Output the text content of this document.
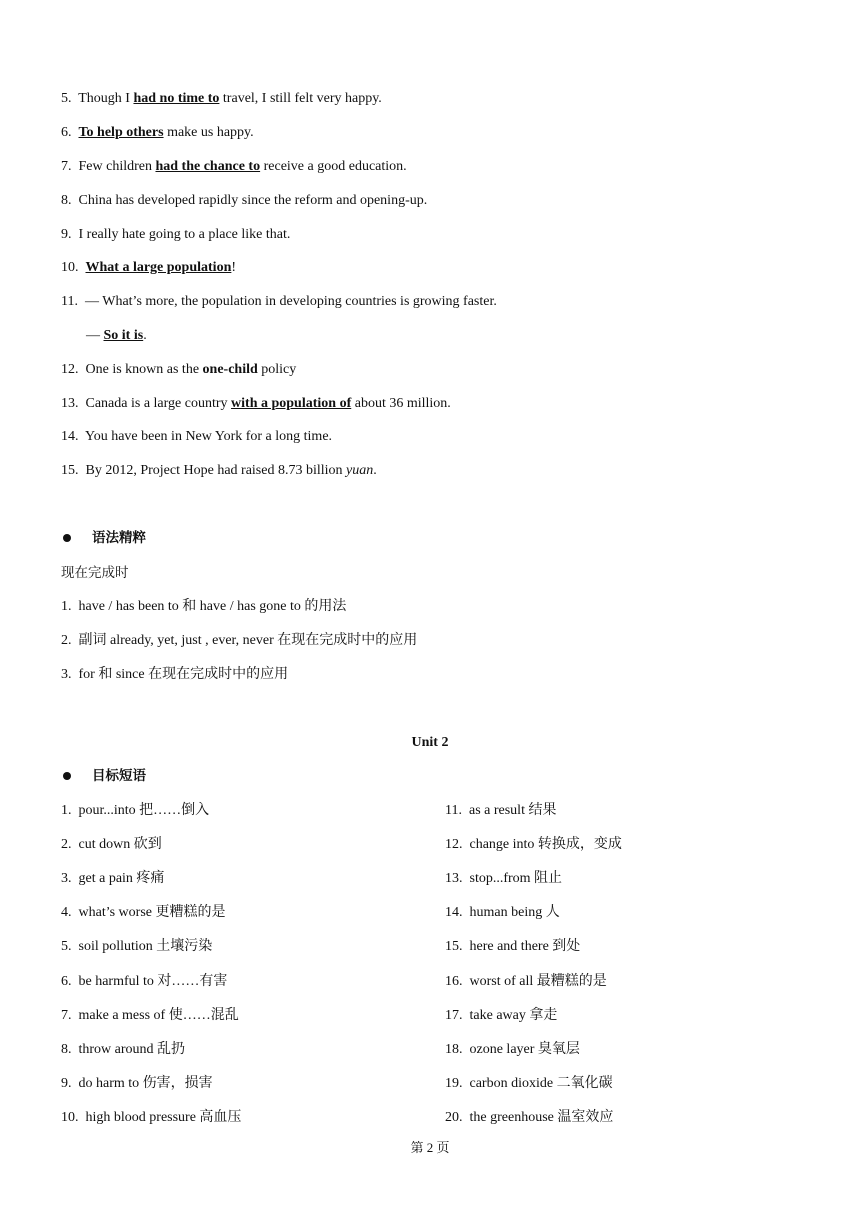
5. Though I had no time to travel, I still felt very happy.
6. To help others make us happy.
7. Few children had the chance to receive a good education.
8. China has developed rapidly since the reform and opening-up.
9. I really hate going to a place like that.
10. What a large population!
11. — What’s more, the population in developing countries is growing faster.
— So it is.
12. One is known as the one-child policy
13. Canada is a large country with a population of about 36 million.
14. You have been in New York for a long time.
15. By 2012, Project Hope had raised 8.73 billion yuan.
语法精粹
现在完成时
1. have / has been to 和 have / has gone to 的用法
2. 副词 already, yet, just , ever, never 在现在完成时中的应用
3. for 和 since 在现在完成时中的应用
Unit 2
目标短语
1. pour...into 把……倒入
2. cut down 砍到
3. get a pain 疼痛
4. what’s worse 更糟糕的是
5. soil pollution 土壤污染
6. be harmful to 对……有害
7. make a mess of 使……混乱
8. throw around 乱扔
9. do harm to 伤害，损害
10. high blood pressure 高血压
11. as a result 结果
12. change into 转换成，变成
13. stop...from 阻止
14. human being 人
15. here and there 到处
16. worst of all 最糟糕的是
17. take away 拿走
18. ozone layer 臭氧层
19. carbon dioxide 二氧化碳
20. the greenhouse 温室效应
第 2 页
